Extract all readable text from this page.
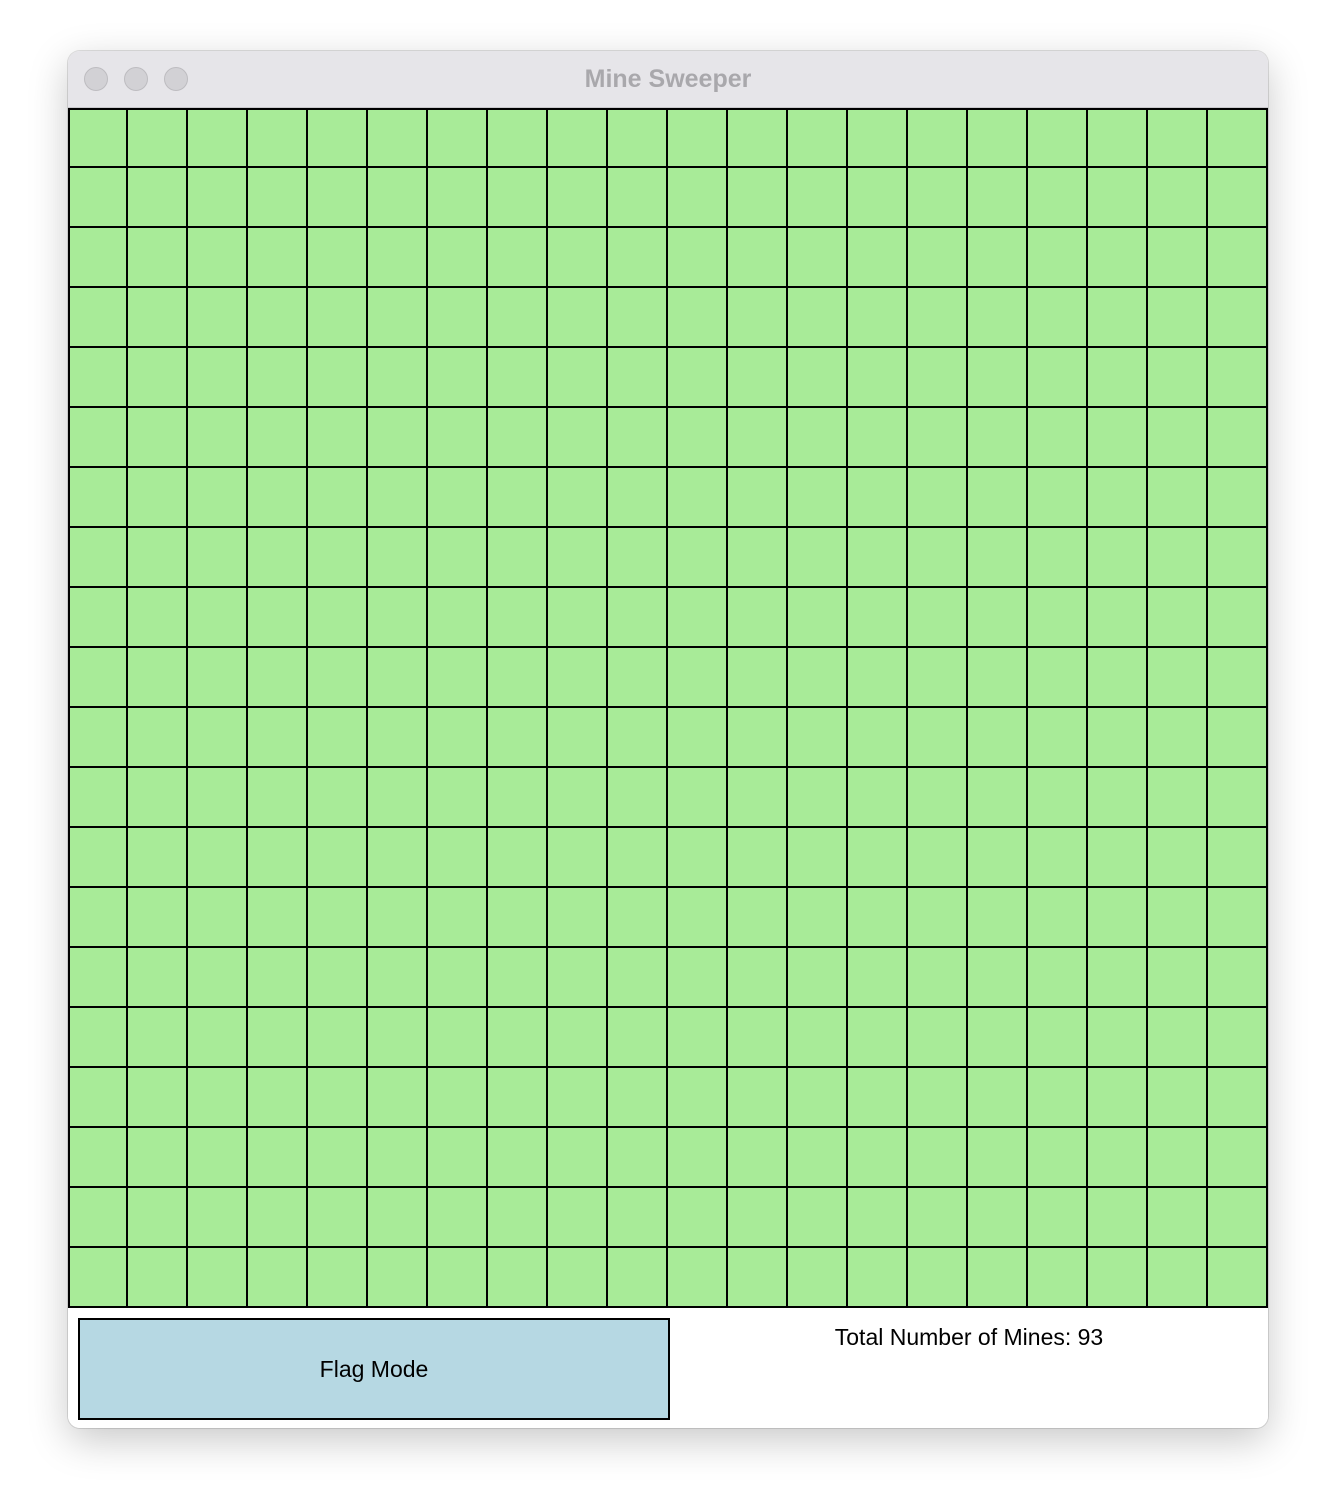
Mine Sweeper
Flag Mode
Total Number of Mines: 93
